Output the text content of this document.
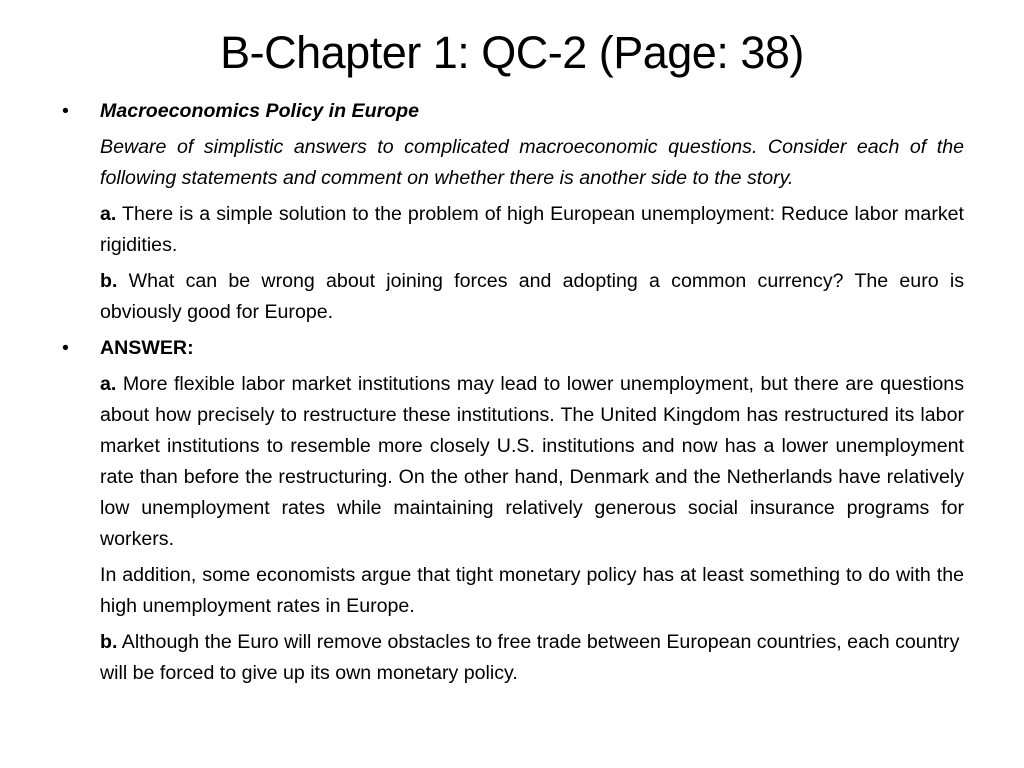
B-Chapter 1: QC-2 (Page: 38)
•	Macroeconomics Policy in Europe

Beware of simplistic answers to complicated macroeconomic questions. Consider each of the following statements and comment on whether there is another side to the story.

a. There is a simple solution to the problem of high European unemployment: Reduce labor market rigidities.

b. What can be wrong about joining forces and adopting a common currency? The euro is obviously good for Europe.

•	ANSWER:

a. More flexible labor market institutions may lead to lower unemployment, but there are questions about how precisely to restructure these institutions. The United Kingdom has restructured its labor market institutions to resemble more closely U.S. institutions and now has a lower unemployment rate than before the restructuring. On the other hand, Denmark and the Netherlands have relatively low unemployment rates while maintaining relatively generous social insurance programs for workers.

In addition, some economists argue that tight monetary policy has at least something to do with the high unemployment rates in Europe.

b. Although the Euro will remove obstacles to free trade between European countries, each country will be forced to give up its own monetary policy.
